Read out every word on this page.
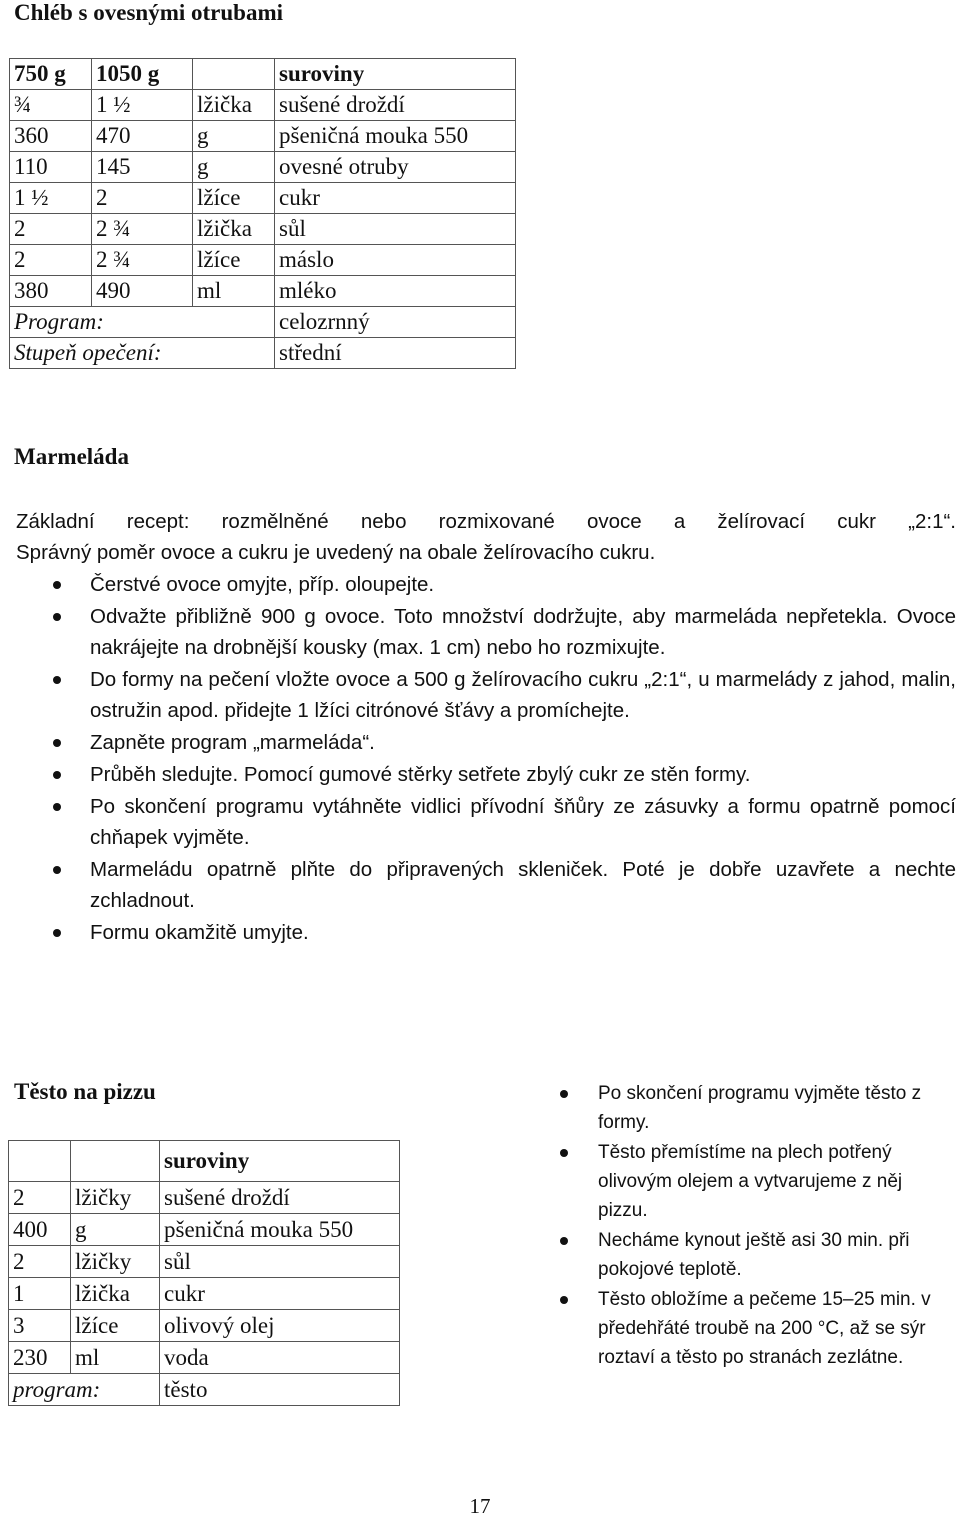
Chléb s ovesnými otrubami
750 g	1050 g		suroviny
¾	1 ½	lžička	sušené droždí
360	470	g	pšeničná mouka 550
110	145	g	ovesné otruby
1 ½	2	lžíce	cukr
2	2 ¾	lžička	sůl
2	2 ¾	lžíce	máslo
380	490	ml	mléko
Program:			celozrnný
Stupeň opečení:			střední
Marmeláda

Základní recept: rozmělněné nebo rozmixované ovoce a želírovací cukr „2:1“.

Správný poměr ovoce a cukru je uvedený na obale želírovacího cukru.

Čerstvé ovoce omyjte, příp. oloupejte.
Odvažte přibližně 900 g ovoce. Toto množství dodržujte, aby marmeláda nepřetekla. Ovoce nakrájejte na drobnější kousky (max. 1 cm) nebo ho rozmixujte.
Do formy na pečení vložte ovoce a 500 g želírovacího cukru „2:1“, u marmelády z jahod, malin, ostružin apod. přidejte 1 lžíci citrónové šťávy a promíchejte.
Zapněte program „marmeláda“.
Průběh sledujte. Pomocí gumové stěrky setřete zbylý cukr ze stěn formy.
Po skončení programu vytáhněte vidlici přívodní šňůry ze zásuvky a formu opatrně pomocí chňapek vyjměte.
Marmeládu opatrně plňte do připravených skleniček. Poté je dobře uzavřete a nechte zchladnout.
Formu okamžitě umyjte.
Těsto na pizzu
		suroviny
2	lžičky	sušené droždí
400	g	pšeničná mouka 550
2	lžičky	sůl
1	lžička	cukr
3	lžíce	olivový olej
230	ml	voda
program:		těsto
Po skončení programu vyjměte těsto z formy.
Těsto přemístíme na plech potřený olivovým olejem a vytvarujeme z něj pizzu.
Necháme kynout ještě asi 30 min. při pokojové teplotě.
Těsto obložíme a pečeme 15–25 min. v předehřáté troubě na 200 °C, až se sýr roztaví a těsto po stranách zezlátne.
17
